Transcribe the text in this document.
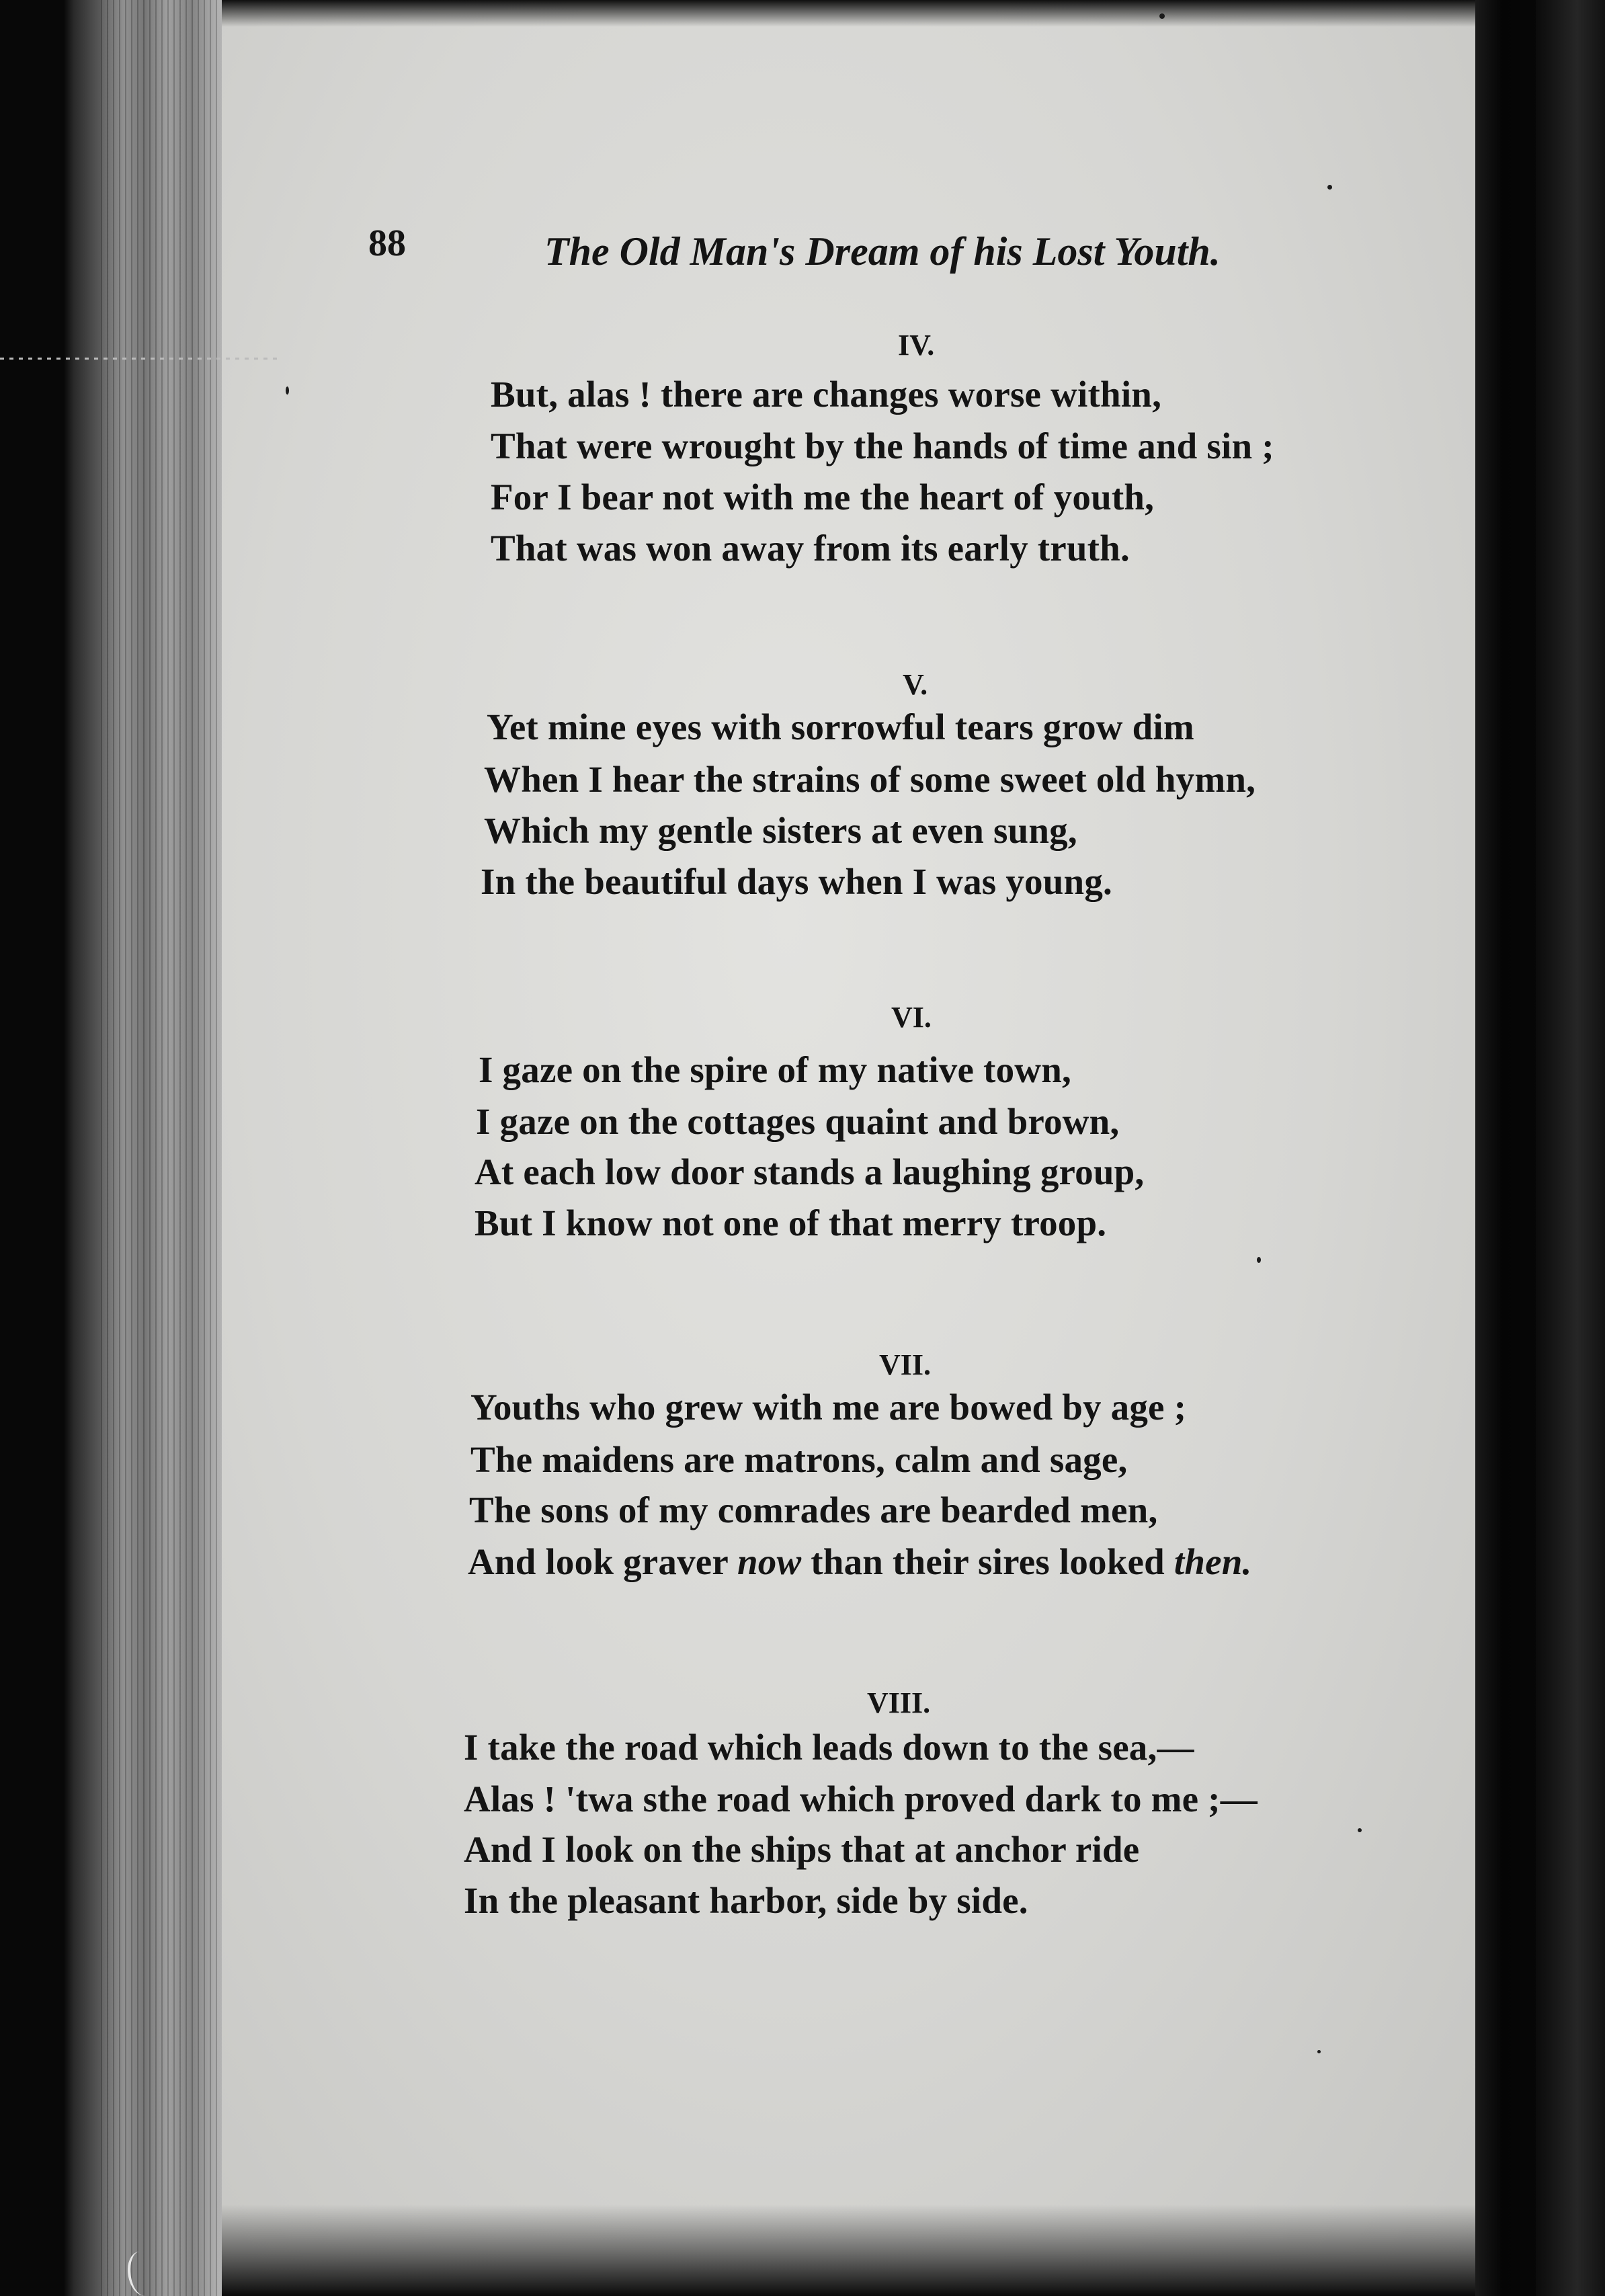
88	The Old Man's Dream of his Lost Youth.
IV.
But, alas ! there are changes worse within,
That were wrought by the hands of time and sin ;
For I bear not with me the heart of youth,
That was won away from its early truth.
V.
Yet mine eyes with sorrowful tears grow dim
When I hear the strains of some sweet old hymn,
Which my gentle sisters at even sung,
In the beautiful days when I was young.
VI.
I gaze on the spire of my native town,
I gaze on the cottages quaint and brown,
At each low door stands a laughing group,
But I know not one of that merry troop.
VII.
Youths who grew with me are bowed by age ;
The maidens are matrons, calm and sage,
The sons of my comrades are bearded men,
And look graver now than their sires looked then.
VIII.
I take the road which leads down to the sea,—
Alas ! 'twa sthe road which proved dark to me ;—
And I look on the ships that at anchor ride
In the pleasant harbor, side by side.
